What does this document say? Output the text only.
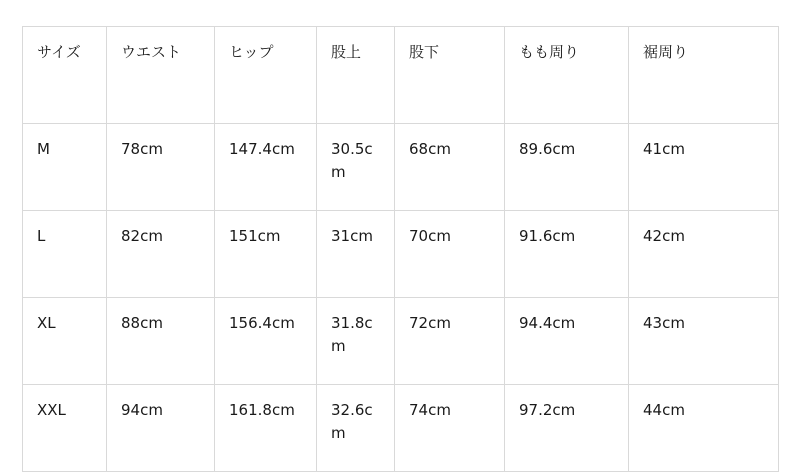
サイズ	ウエスト	ヒップ	股上	股下	もも周り	裾周り
M	78cm	147.4cm	30.5cm	68cm	89.6cm	41cm
L	82cm	151cm	31cm	70cm	91.6cm	42cm
XL	88cm	156.4cm	31.8cm	72cm	94.4cm	43cm
XXL	94cm	161.8cm	32.6cm	74cm	97.2cm	44cm
